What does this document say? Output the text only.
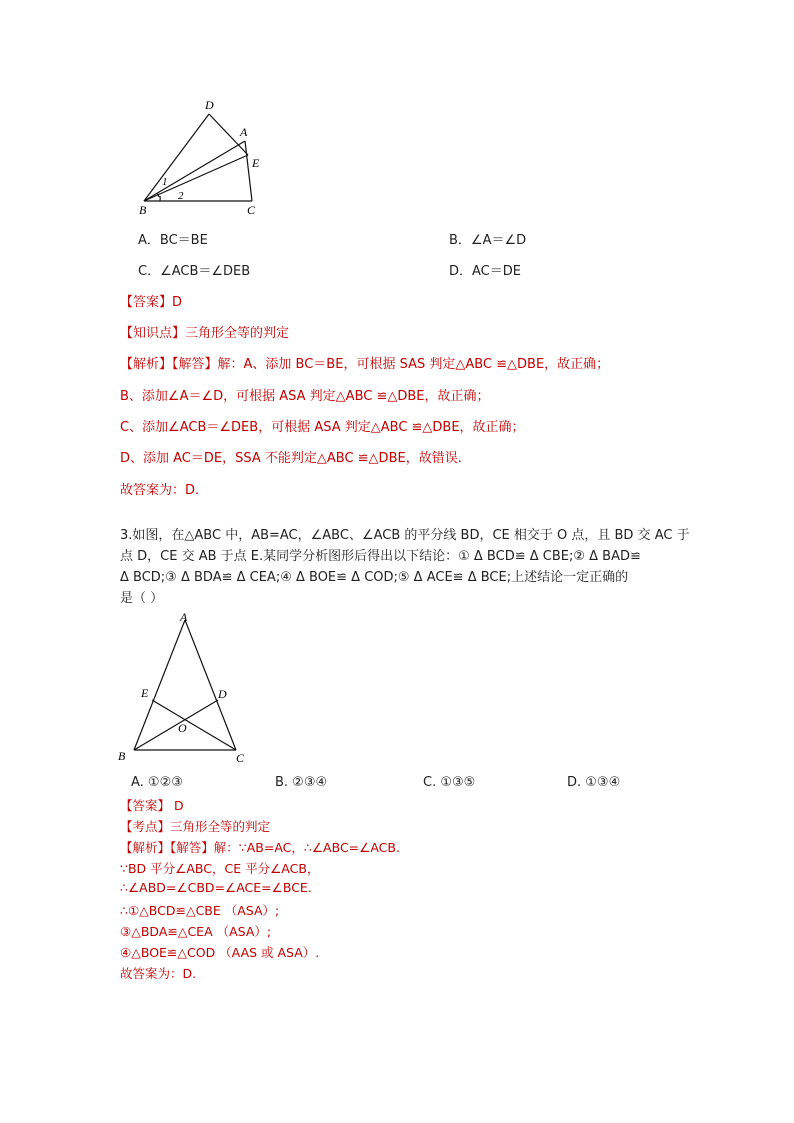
D
A
E
B	C
1
2
A．BC＝BE	B．∠A＝∠D
C．∠ACB＝∠DEB	D．AC＝DE
【答案】D
【知识点】三角形全等的判定
【解析】【解答】解：A、添加 BC＝BE，可根据 SAS 判定△ABC ≌△DBE，故正确；
B、添加∠A＝∠D，可根据 ASA 判定△ABC ≌△DBE，故正确；
C、添加∠ACB＝∠DEB，可根据 ASA 判定△ABC ≌△DBE，故正确；
D、添加 AC＝DE，SSA 不能判定△ABC ≌△DBE，故错误.
故答案为：D.
3.如图，在△ABC 中，AB=AC，∠ABC、∠ACB 的平分线 BD，CE 相交于 O 点，且 BD 交 AC 于
点 D，CE 交 AB 于点 E.某同学分析图形后得出以下结论：① Δ BCD≌ Δ CBE;② Δ BAD≌
Δ BCD;③ Δ BDA≌ Δ CEA;④ Δ BOE≌ Δ COD;⑤ Δ ACE≌ Δ BCE;上述结论一定正确的
是（ ）
A
E	D
O
B	C
A. ①②③	B. ②③④	C. ①③⑤	D. ①③④
【答案】 D
【考点】三角形全等的判定
【解析】【解答】解：∵AB=AC，∴∠ABC=∠ACB.
∵BD 平分∠ABC，CE 平分∠ACB，
∴∠ABD=∠CBD=∠ACE=∠BCE.
∴①△BCD≌△CBE （ASA）;
③△BDA≌△CEA （ASA）;
④△BOE≌△COD （AAS 或 ASA）.
故答案为：D.
